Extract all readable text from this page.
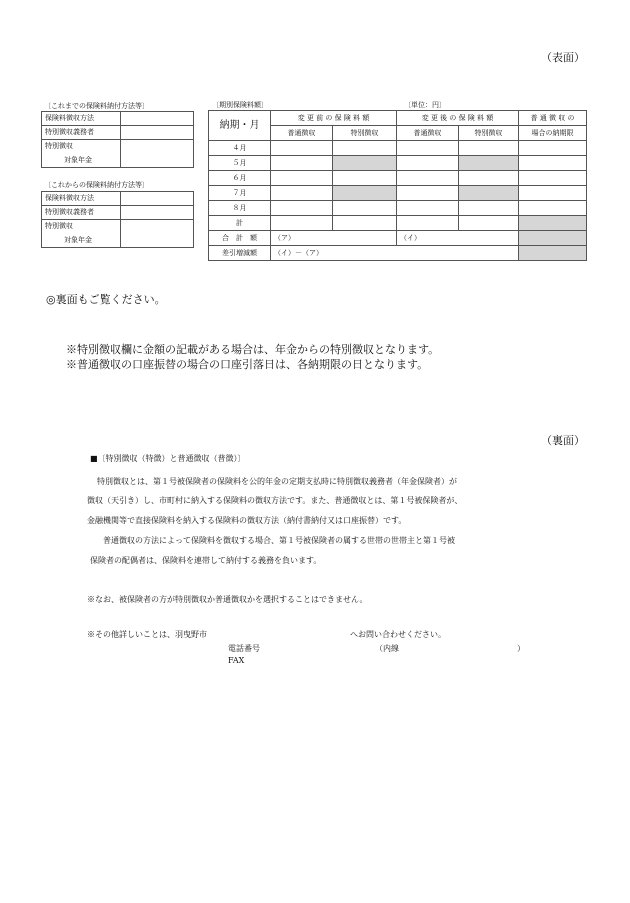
（表面）
〔これまでの保険料納付方法等〕
保険料徴収方法	
特別徴収義務者	
特別徴収	
対象年金	
〔これからの保険料納付方法等〕
保険料徴収方法	
特別徴収義務者	
特別徴収	
対象年金	
〔期別保険料額〕	〔単位：円〕
納期・月	変 更 前 の 保 険 料 額		変 更 後 の 保 険 料 額		普 通 徴 収 の
	普通徴収	特別徴収	普通徴収	特別徴収	場合の納期限
４月					
５月					
６月					
７月					
８月					
計					
合　計　額	（ア）		（イ）		
差引増減額	（イ）－（ア）				
◎裏面もご覧ください。
※特別徴収欄に金額の記載がある場合は、年金からの特別徴収となります。
※普通徴収の口座振替の場合の口座引落日は、各納期限の日となります。
（裏面）
■〔特別徴収（特徴）と普通徴収（普徴）〕
特別徴収とは、第１号被保険者の保険料を公的年金の定期支払時に特別徴収義務者（年金保険者）が
徴収（天引き）し、市町村に納入する保険料の徴収方法です。また、普通徴収とは、第１号被保険者が、
金融機関等で直接保険料を納入する保険料の徴収方法（納付書納付又は口座振替）です。
普通徴収の方法によって保険料を徴収する場合、第１号被保険者の属する世帯の世帯主と第１号被
保険者の配偶者は、保険料を連帯して納付する義務を負います。
※なお、被保険者の方が特別徴収か普通徴収かを選択することはできません。
※その他詳しいことは、羽曳野市	へお問い合わせください。
電話番号	（内線	）
FAX
